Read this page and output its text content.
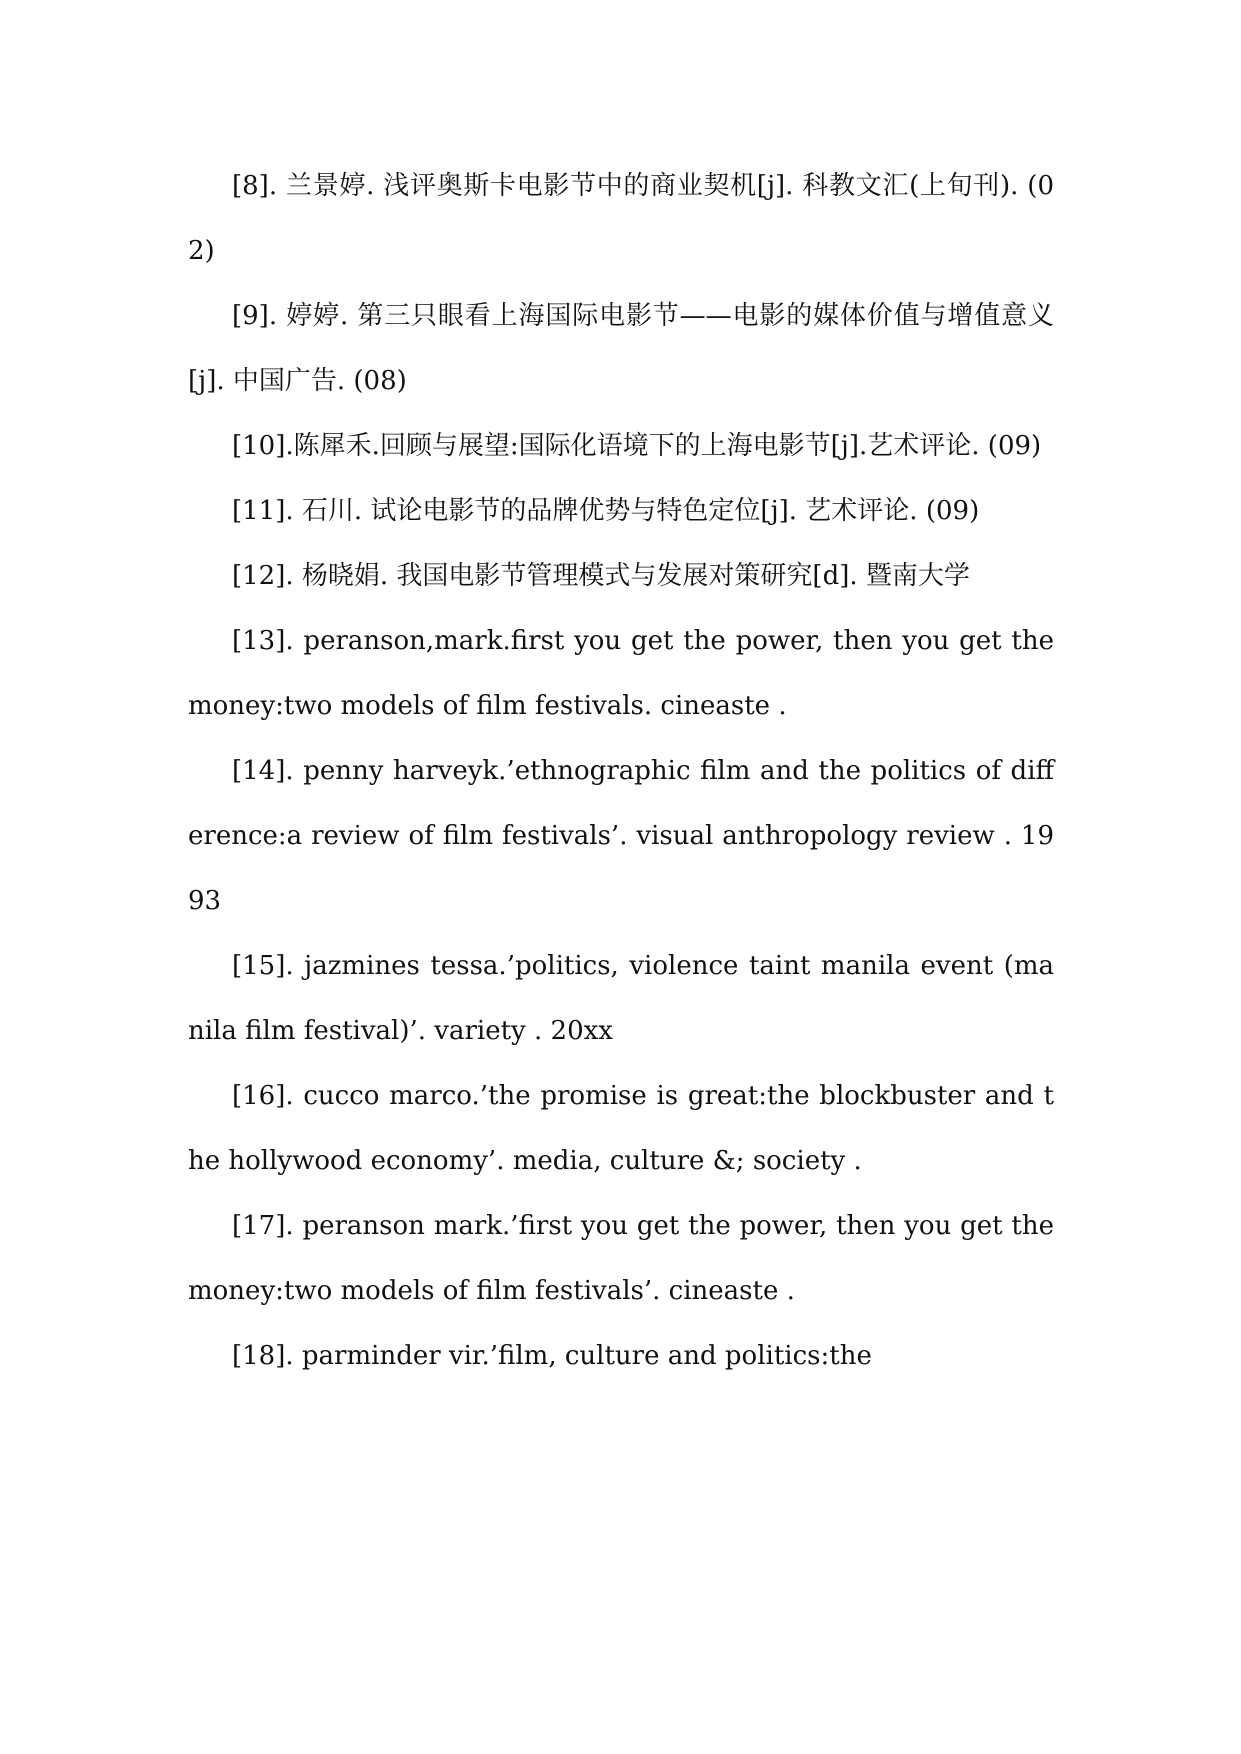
[8]. 兰景婷. 浅评奥斯卡电影节中的商业契机[j]. 科教文汇(上旬刊). (02)

[9]. 婷婷. 第三只眼看上海国际电影节——电影的媒体价值与增值意义[j]. 中国广告. (08)

[10].陈犀禾.回顾与展望:国际化语境下的上海电影节[j].艺术评论. (09)

[11]. 石川. 试论电影节的品牌优势与特色定位[j]. 艺术评论. (09)

[12]. 杨晓娟. 我国电影节管理模式与发展对策研究[d]. 暨南大学

[13]. peranson,mark.first you get the power, then you get the money:two models of film festivals. cineaste .

[14]. penny harveyk.’ethnographic film and the politics of difference:a review of film festivals’. visual anthropology review . 1993

[15]. jazmines tessa.’politics, violence taint manila event (manila film festival)’. variety . 20xx

[16]. cucco marco.’the promise is great:the blockbuster and the hollywood economy’. media, culture &; society .

[17]. peranson mark.’first you get the power, then you get the money:two models of film festivals’. cineaste .

[18]. parminder vir.’film, culture and politics:the
